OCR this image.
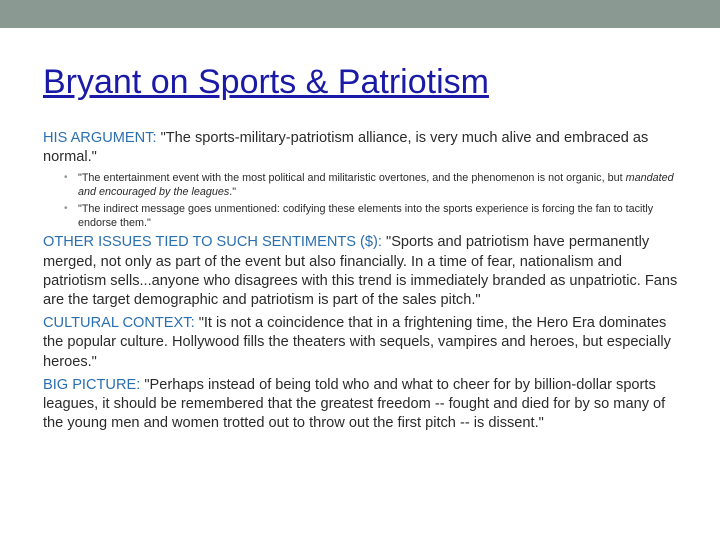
Bryant on Sports & Patriotism

HIS ARGUMENT: "The sports-military-patriotism alliance, is very much alive and embraced as normal."

• "The entertainment event with the most political and militaristic overtones, and the phenomenon is not organic, but mandated and encouraged by the leagues."
• "The indirect message goes unmentioned: codifying these elements into the sports experience is forcing the fan to tacitly endorse them."

OTHER ISSUES TIED TO SUCH SENTIMENTS ($): "Sports and patriotism have permanently merged, not only as part of the event but also financially. In a time of fear, nationalism and patriotism sells...anyone who disagrees with this trend is immediately branded as unpatriotic. Fans are the target demographic and patriotism is part of the sales pitch."

CULTURAL CONTEXT: "It is not a coincidence that in a frightening time, the Hero Era dominates the popular culture. Hollywood fills the theaters with sequels, vampires and heroes, but especially heroes."

BIG PICTURE: "Perhaps instead of being told who and what to cheer for by billion-dollar sports leagues, it should be remembered that the greatest freedom -- fought and died for by so many of the young men and women trotted out to throw out the first pitch -- is dissent."
